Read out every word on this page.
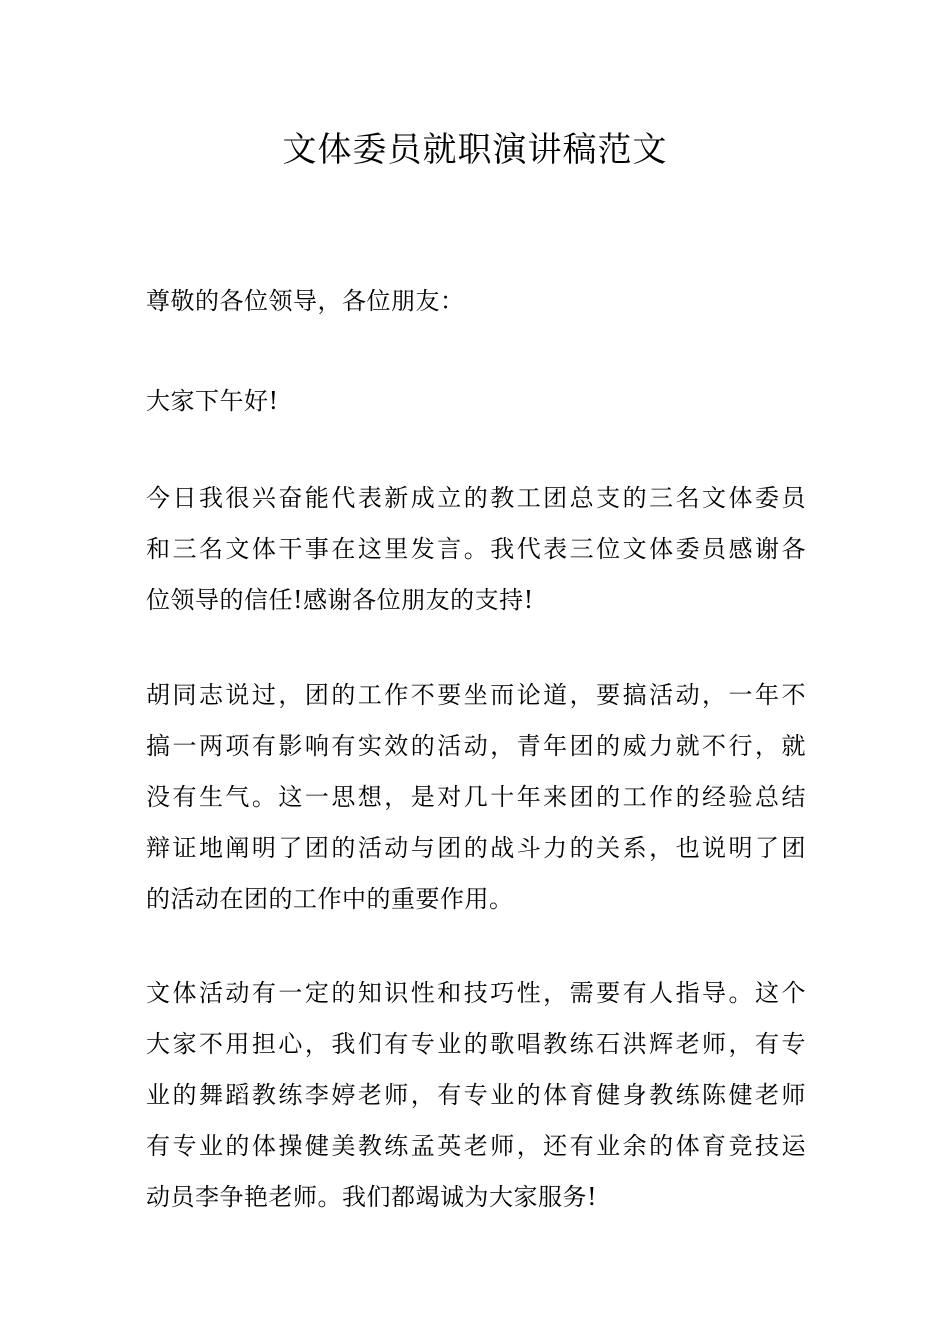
文体委员就职演讲稿范文

尊敬的各位领导，各位朋友：

大家下午好!

今日我很兴奋能代表新成立的教工团总支的三名文体委员
和三名文体干事在这里发言。我代表三位文体委员感谢各
位领导的信任!感谢各位朋友的支持!

胡同志说过，团的工作不要坐而论道，要搞活动，一年不
搞一两项有影响有实效的活动，青年团的威力就不行，就
没有生气。这一思想，是对几十年来团的工作的经验总结
辩证地阐明了团的活动与团的战斗力的关系，也说明了团
的活动在团的工作中的重要作用。

文体活动有一定的知识性和技巧性，需要有人指导。这个
大家不用担心，我们有专业的歌唱教练石洪辉老师，有专
业的舞蹈教练李婷老师，有专业的体育健身教练陈健老师
有专业的体操健美教练孟英老师，还有业余的体育竞技运
动员李争艳老师。我们都竭诚为大家服务!
